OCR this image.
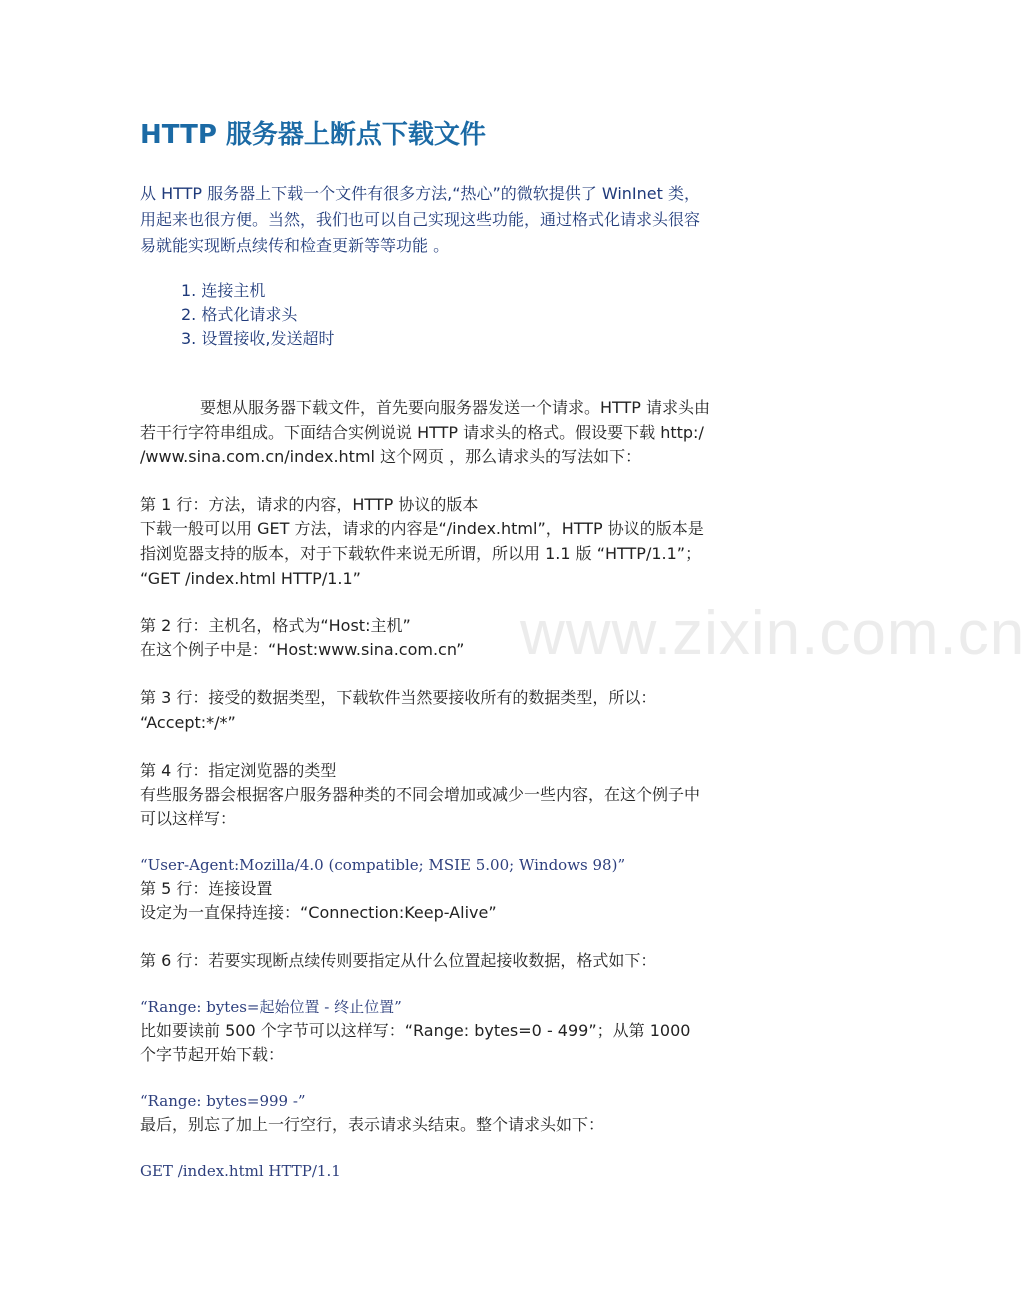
www.zixin.com.cn
HTTP 服务器上断点下载文件
从 HTTP 服务器上下载一个文件有很多方法,“热心”的微软提供了 WinInet 类，
用起来也很方便。当然，我们也可以自己实现这些功能，通过格式化请求头很容
易就能实现断点续传和检查更新等等功能 。
1. 连接主机
2. 格式化请求头
3. 设置接收,发送超时
要想从服务器下载文件，首先要向服务器发送一个请求。HTTP 请求头由
若干行字符串组成。下面结合实例说说 HTTP 请求头的格式。假设要下载 http:/
/www.sina.com.cn/index.html 这个网页 ，那么请求头的写法如下：
第 1 行：方法，请求的内容，HTTP 协议的版本
下载一般可以用 GET 方法，请求的内容是“/index.html”，HTTP 协议的版本是
指浏览器支持的版本，对于下载软件来说无所谓，所以用 1.1 版 “HTTP/1.1”；
“GET /index.html HTTP/1.1”
第 2 行：主机名，格式为“Host:主机”
在这个例子中是：“Host:www.sina.com.cn”
第 3 行：接受的数据类型，下载软件当然要接收所有的数据类型，所以：
“Accept:*/*”
第 4 行：指定浏览器的类型
有些服务器会根据客户服务器种类的不同会增加或减少一些内容，在这个例子中
可以这样写：
“User-Agent:Mozilla/4.0 (compatible; MSIE 5.00; Windows 98)”
第 5 行：连接设置
设定为一直保持连接：“Connection:Keep-Alive”
第 6 行：若要实现断点续传则要指定从什么位置起接收数据，格式如下：
“Range: bytes=起始位置 - 终止位置”
比如要读前 500 个字节可以这样写：“Range: bytes=0 - 499”；从第 1000
个字节起开始下载：
“Range: bytes=999 -”
最后，别忘了加上一行空行，表示请求头结束。整个请求头如下：
GET /index.html HTTP/1.1
